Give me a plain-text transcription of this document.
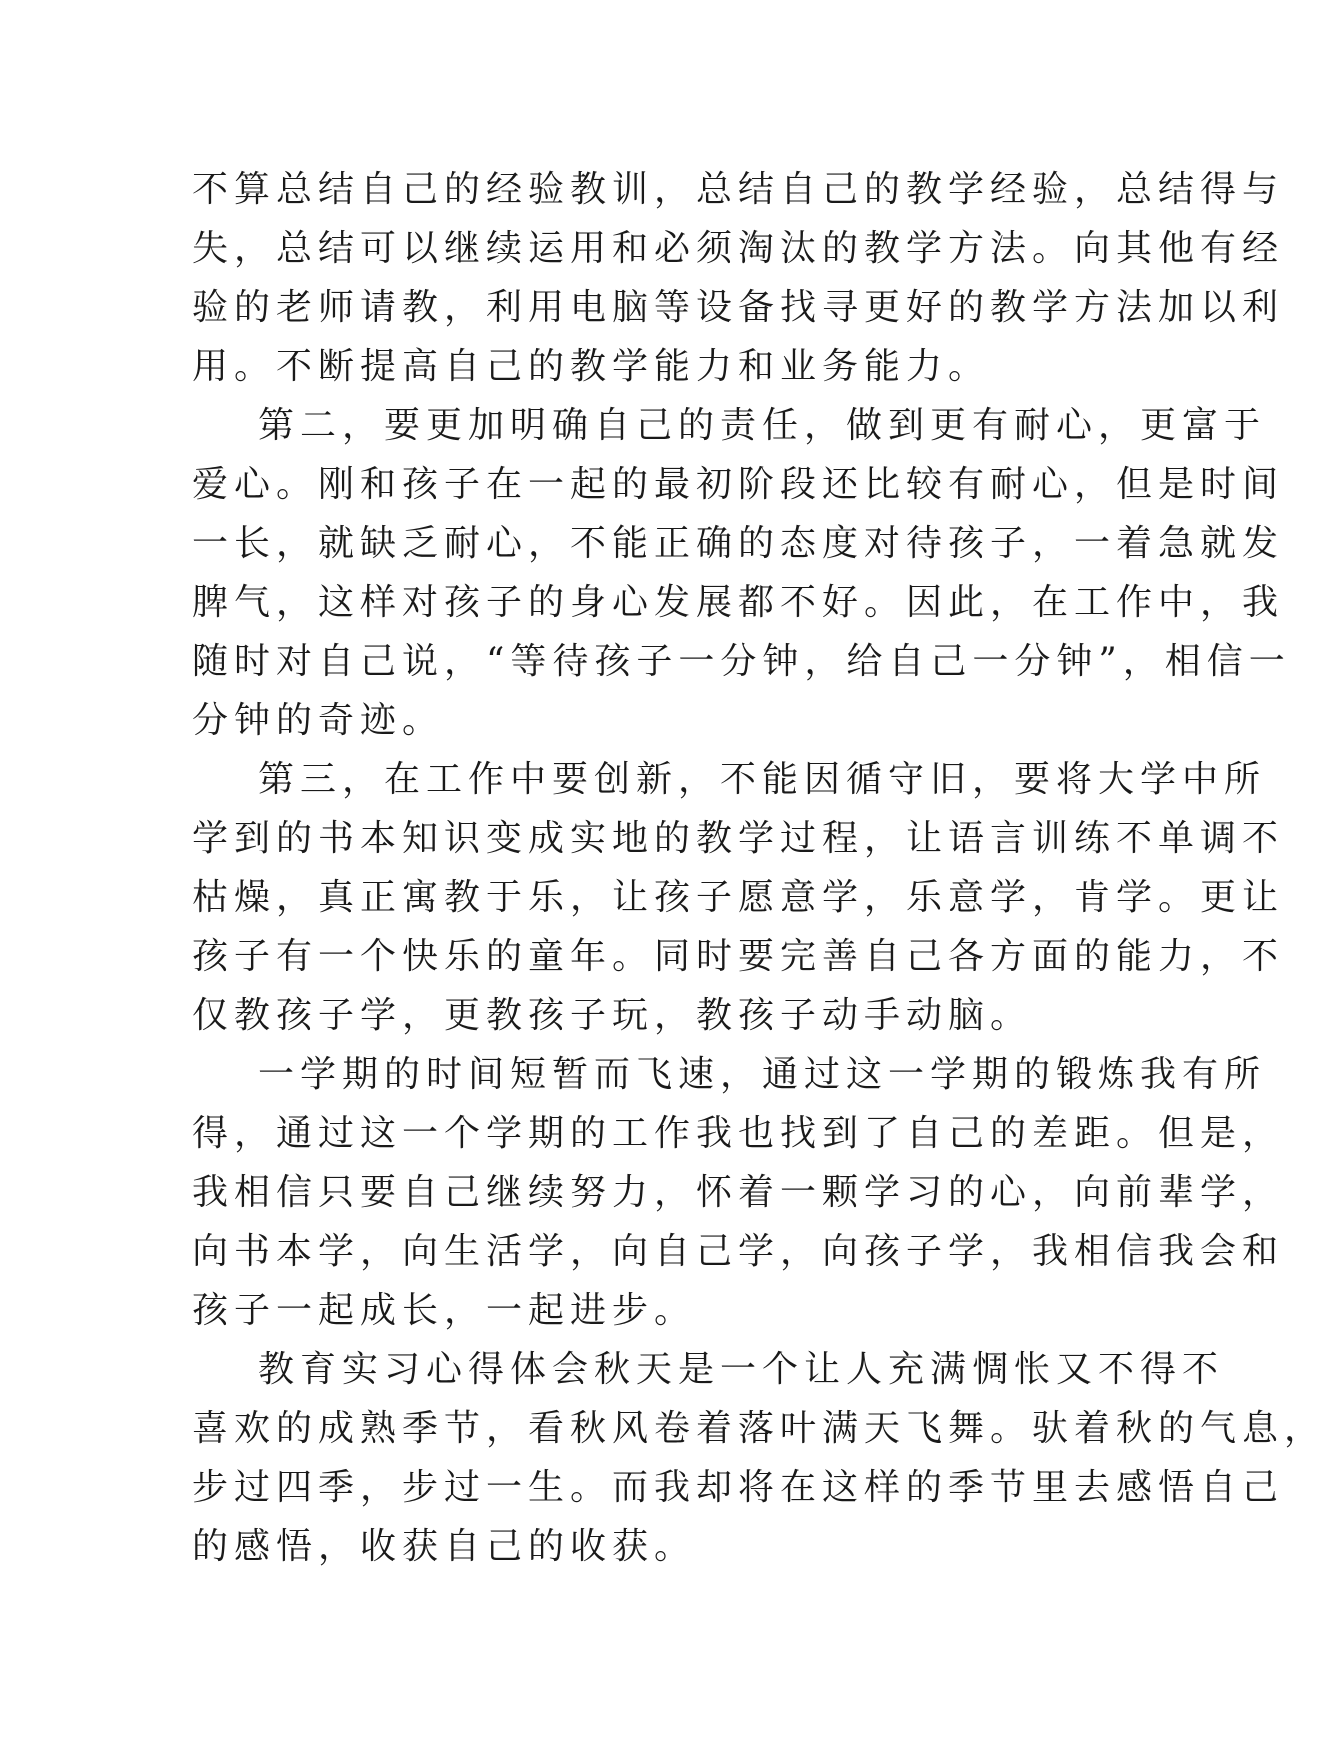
不算总结自己的经验教训，总结自己的教学经验，总结得与
失，总结可以继续运用和必须淘汰的教学方法。向其他有经
验的老师请教，利用电脑等设备找寻更好的教学方法加以利
用。不断提高自己的教学能力和业务能力。
第二，要更加明确自己的责任，做到更有耐心，更富于
爱心。刚和孩子在一起的最初阶段还比较有耐心，但是时间
一长，就缺乏耐心，不能正确的态度对待孩子，一着急就发
脾气，这样对孩子的身心发展都不好。因此，在工作中，我
随时对自己说，“等待孩子一分钟，给自己一分钟”，相信一
分钟的奇迹。
第三，在工作中要创新，不能因循守旧，要将大学中所
学到的书本知识变成实地的教学过程，让语言训练不单调不
枯燥，真正寓教于乐，让孩子愿意学，乐意学，肯学。更让
孩子有一个快乐的童年。同时要完善自己各方面的能力，不
仅教孩子学，更教孩子玩，教孩子动手动脑。
一学期的时间短暂而飞速，通过这一学期的锻炼我有所
得，通过这一个学期的工作我也找到了自己的差距。但是，
我相信只要自己继续努力，怀着一颗学习的心，向前辈学，
向书本学，向生活学，向自己学，向孩子学，我相信我会和
孩子一起成长，一起进步。
教育实习心得体会秋天是一个让人充满惆怅又不得不
喜欢的成熟季节，看秋风卷着落叶满天飞舞。驮着秋的气息，
步过四季，步过一生。而我却将在这样的季节里去感悟自己
的感悟，收获自己的收获。
